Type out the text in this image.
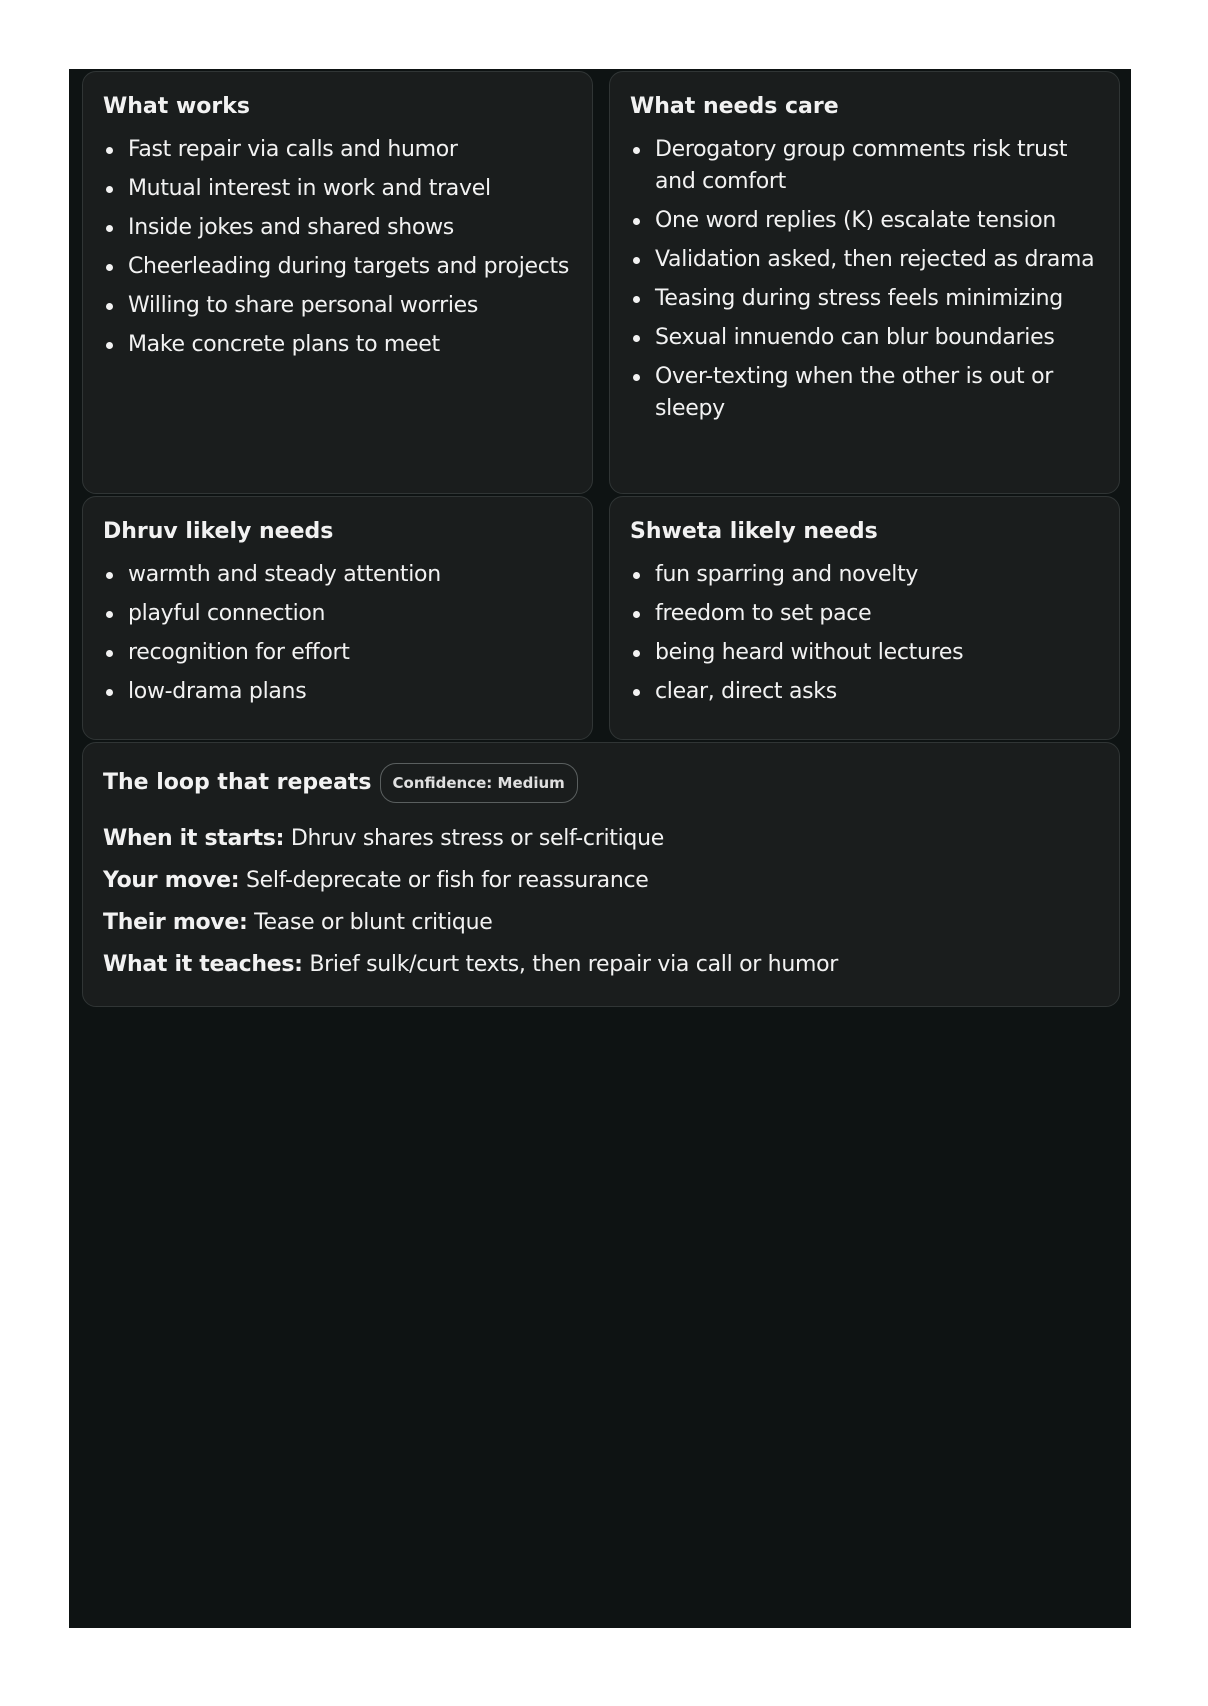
What works
Fast repair via calls and humor
Mutual interest in work and travel
Inside jokes and shared shows
Cheerleading during targets and projects
Willing to share personal worries
Make concrete plans to meet
What needs care
Derogatory group comments risk trust and comfort
One word replies (K) escalate tension
Validation asked, then rejected as drama
Teasing during stress feels minimizing
Sexual innuendo can blur boundaries
Over-texting when the other is out or sleepy
Dhruv likely needs
warmth and steady attention
playful connection
recognition for effort
low-drama plans
Shweta likely needs
fun sparring and novelty
freedom to set pace
being heard without lectures
clear, direct asks
The loop that repeats	Confidence: Medium
When it starts: Dhruv shares stress or self-critique
Your move: Self-deprecate or fish for reassurance
Their move: Tease or blunt critique
What it teaches: Brief sulk/curt texts, then repair via call or humor
